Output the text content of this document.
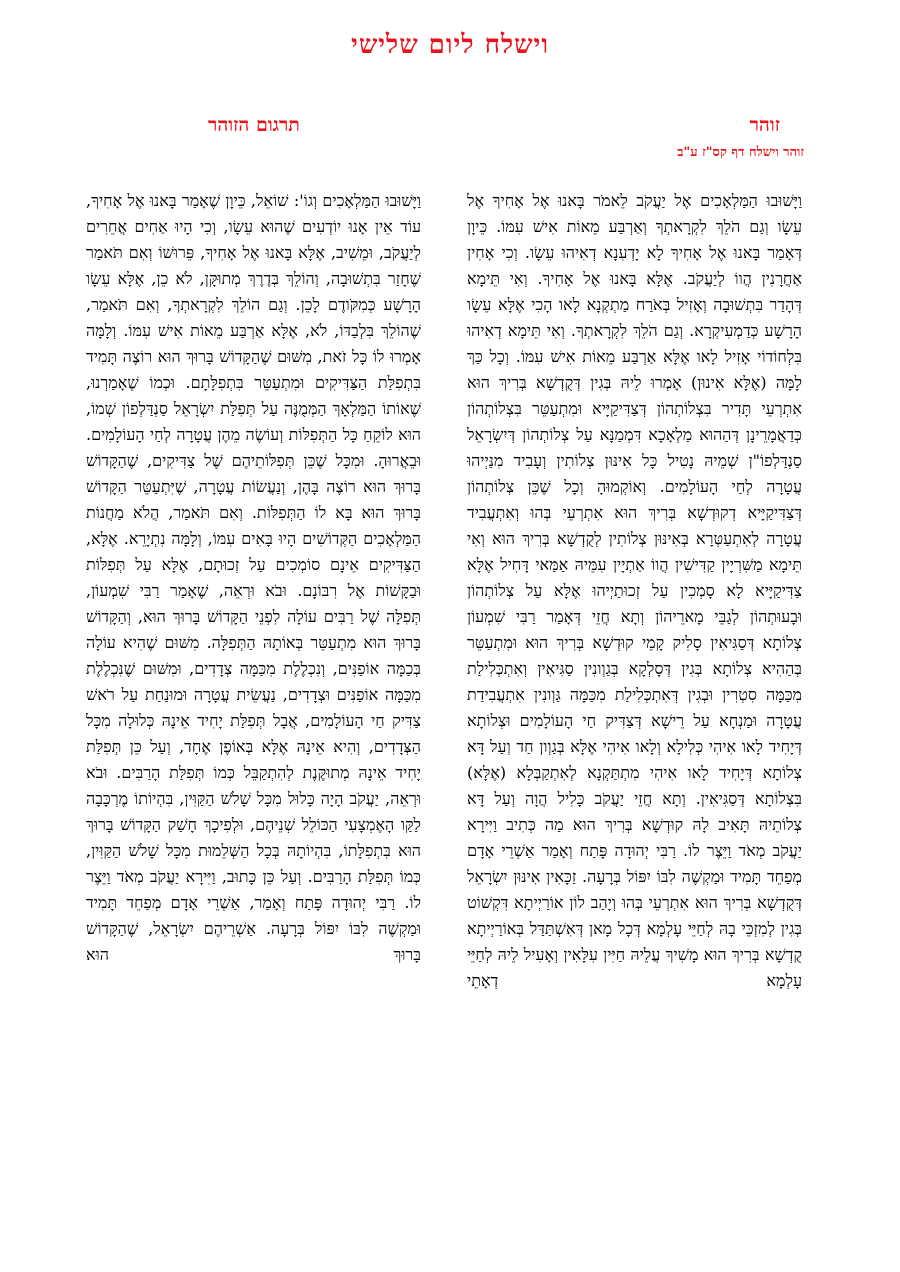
וישלח ליום שלישי
זוהר
תרגום הזוהר
זוהר וישלח דף קס"ז ע"ב

וַיָּשׁוּבוּ הַמַּלְאָכִים אֶל יַעֲקֹב לֵאמֹר בָּאנוּ אֶל אָחִיךָ אֶל עֵשָׂו וְגַם הֹלֵךְ לִקְרָאתְךָ וְאַרְבַּע מֵאוֹת אִישׁ עִמּוֹ. כֵּיוָן דְּאָמַר בָּאנוּ אֶל אָחִיךָ לָא יָדְעִנָא דְאִיהוּ עֵשָׂו. וְכִי אָחִין אַחֲרָנִין הֲווֹ לְיַעֲקֹב. אֶלָּא בָּאנוּ אֶל אָחִיךָ. וְאִי תֵּימָא דְּהָדַר בִּתְשׁוּבָה וְאָזִיל בְּאֹרַח מַתְקְנָא לָאו הָכִי אֶלָּא עֵשָׂו הָרָשָׁע כְּדַמְעִיקְרָא. וְגַם הֹלֵךְ לִקְרָאתְךָ. וְאִי תֵּימָא דְאִיהוּ בִּלְחוֹדוֹי אָזִיל לָאו אֶלָּא אַרְבַּע מֵאוֹת אִישׁ עִמּוֹ. וְכָל כַּךְ לָמָּה (אֶלָּא אִינוּן) אָמְרוּ לֵיהּ בְּגִין דְּקֻדְשָׁא בְּרִיךְ הוּא אִתְרְעֵי תָּדִיר בִּצְלוֹתְהוֹן דְּצַדִּיקַיָּיא וּמִתְעַטֵּר בִּצְלוֹתְהוֹן כְּדַאֲמָרֵינָן דְּהַהוּא מַלְאָכָא דִּמְמַנָּא עַל צְלוֹתְהוֹן דְּיִשְׂרָאֵל סַנְדַּלְפוֹ"ן שְׁמֵיהּ נָטִיל כָּל אִינּוּן צְלוֹתִין וְעָבִיד מִנַּיְיהוּ עֲטָרָה לְחַי הָעוֹלָמִים. וְאוֹקְמוּהָ וְכָל שֶׁכֵּן צְלוֹתְהוֹן דְּצַדִּיקַיָּיא דְקוּדְשָׁא בְּרִיךְ הוּא אִתְרְעֵי בְּהוּ וְאִתְעֲבִיד עֲטָרָה לְאִתְעַטְּרָא בְּאִינּוּן צְלוֹתִין לְקֻדְשָׁא בְּרִיךְ הוּא וְאִי תֵּימָא מַשִּׁרְיָין קַדִּישִׁין הֲווֹ אַתְיָין עִמֵּיהּ אַמַּאי דָּחִיל אֶלָּא צַדִּיקַיָּיא לָא סָמְכִין עַל זְכוּתַיְיהוּ אֶלָּא עַל צְלוֹתְהוֹן וּבָעוּתְהוֹן לְגַבֵּי מָארֵיהוֹן וְתָא חֲזֵי דְּאָמַר רַבִּי שִׁמְעוֹן צְלוֹתָא דְּסַגִּיאִין סָלִיק קָמֵי קוּדְשָׁא בְּרִיךְ הוּא וּמִתְעַטֵּר בְּהַהִיא צְלוֹתָא בְּגִין דְּסָלְקָא בְּגַוְונִין סַגִּיאִין וְאִתְכְּלִילַת מִכַּמָּה סִטְרִין וּבְגִין דְּאִתְכְּלִילַת מִכַּמָּה גַּוְונִין אִתְעֲבִידַת עֲטָרָה וּמַנְחָא עַל רֵישָׁא דְּצַדִּיק חַי הָעוֹלָמִים וּצְלוֹתָא דְּיָחִיד לָאו אִיהִי כְּלִילָא וְלָאו אִיהִי אֶלָּא בְּגַוְון חַד וְעַל דָּא צְלוֹתָא דְּיָחִיד לָאו אִיהִי מִתְתַּקְנָא לְאִתְקַבְּלָא (אֶלָּא) בִּצְלוֹתָא דְּסַגִּיאִין. וְתָא חֲזֵי יַעֲקֹב כָּלִיל הֲוָה וְעַל דָּא צְלוֹתֵיהּ תָּאִיב לָהּ קוּדְשָׁא בְּרִיךְ הוּא מַה כְּתִיב וַיִּירָא יַעֲקֹב מְאֹד וַיֵּצֶר לוֹ. רַבִּי יְהוּדָה פָּתַח וְאָמַר אַשְׁרֵי אָדָם מְפַחֵד תָּמִיד וּמַקְשֶׁה לִבּוֹ יִפּוֹל בְּרָעָה. זַכָּאִין אִינּוּן יִשְׂרָאֵל דְּקֻדְשָׁא בְּרִיךְ הוּא אִתְרְעֵי בְּהוּ וְיָהַב לוֹן אוֹרַיְיתָא דִּקְשׁוֹט בְּגִין לְמִזְכֵּי בָהּ לְחַיֵּי עָלְמָא דְּכָל מָאן דְּאִשְׁתַּדַּל בְּאוֹרַיְיתָא קֻדְשָׁא בְּרִיךְ הוּא מָשִׁיךְ עֲלֵיהּ חַיִּין עִלָּאִין וְאָעִיל לֵיהּ לְחַיֵּי עָלְמָא דְאָתֵי

וַיָּשׁוּבוּ הַמַּלְאָכִים וְגוֹ': שׁוֹאֵל, כֵּיוָן שֶׁאָמַר בָּאנוּ אֶל אָחִיךָ, עוֹד אֵין אָנוּ יוֹדְעִים שֶׁהוּא עֵשָׂו, וְכִי הָיוּ אַחִים אֲחֵרִים לְיַעֲקֹב, וּמֵשִׁיב, אֶלָּא בָּאנוּ אֶל אָחִיךָ, פֵּרוּשׁוֹ וְאִם תֹּאמַר שֶׁחָזַר בִּתְשׁוּבָה, וְהוֹלֵךְ בְּדֶרֶךְ מְתוּקָּן, לֹא כֵן, אֶלָּא עֵשָׂו הָרָשָׁע כְּמִקֹּודֶם לָכֵן. וְגַם הוֹלֵךְ לִקְרָאתְךָ, וְאִם תֹּאמַר, שֶׁהוֹלֵךְ בִּלְבַדּוֹ, לֹא, אֶלָּא אַרְבַּע מֵאוֹת אִישׁ עִמּוֹ. וְלָמָּה אָמְרוּ לוֹ כָּל זֹאת, מִשּׁוּם שֶׁהַקָּדוֹשׁ בָּרוּךְ הוּא רוֹצֶה תָּמִיד בִּתְפִלַּת הַצַּדִּיקִים וּמִתְעַטֵּר בִּתְפִלָּתָם. וּכְמוֹ שֶׁאָמַרְנוּ, שֶׁאוֹתוֹ הַמַּלְאָךְ הַמְּמֻנֶּה עַל תְּפִלַּת יִשְׂרָאֵל סַנְדַּלְפוֹן שְׁמוֹ, הוּא לוֹקֵחַ כָּל הַתְּפִלּוֹת וְעוֹשֶׂה מֵהֶן עֲטָרָה לְחַי הָעוֹלָמִים. וּבֵאֲרוּהָ. וּמִכָּל שֶׁכֵּן תְּפִלּוֹתֵיהֶם שֶׁל צַדִּיקִים, שֶׁהַקָּדוֹשׁ בָּרוּךְ הוּא רוֹצֶה בָּהֶן, וְנַעֲשׂוֹת עֲטָרָה, שֶׁיִּתְעַטֵּר הַקָּדוֹשׁ בָּרוּךְ הוּא בָּא לוֹ הַתְּפִלּוֹת. וְאִם תֹּאמַר, הֲלֹא מַחֲנוֹת הַמַּלְאָכִים הַקְּדוֹשִׁים הָיוּ בָּאִים עִמּוֹ, וְלָמָּה נִתְיָרֵא. אֶלָּא, הַצַּדִּיקִים אֵינָם סוֹמְכִים עַל זְכוּתָם, אֶלָּא עַל תְּפִלּוֹת וּבַקָּשׁוֹת אֶל רִבּוֹנָם. וּבֹא וּרְאֵה, שֶׁאָמַר רַבִּי שִׁמְעוֹן, תְּפִלָּה שֶׁל רַבִּים עוֹלָה לִפְנֵי הַקָּדוֹשׁ בָּרוּךְ הוּא, וְהַקָּדוֹשׁ בָּרוּךְ הוּא מִתְעַטֵּר בְּאוֹתָהּ הַתְּפִלָּה. מִשּׁוּם שֶׁהִיא עוֹלָה בְּכַמָּה אוֹפַנִּים, וְנִכְלֶלֶת מִכַּמָּה צְדָדִים, וּמִשּׁוּם שֶׁנִּכְלֶלֶת מִכַּמָּה אוֹפַנִּים וּצְדָדִים, נַעֲשֵׂית עֲטָרָה וּמוּנַחַת עַל רֹאשׁ צַדִּיק חַי הָעוֹלָמִים, אֲבָל תְּפִלַּת יָחִיד אֵינָהּ כְּלוּלָה מִכָּל הַצְּדָדִים, וְהִיא אֵינָהּ אֶלָּא בְּאוֹפֶן אֶחָד, וְעַל כֵּן תְּפִלַּת יָחִיד אֵינָהּ מְתוּקֶּנֶת לְהִתְקַבֵּל כְּמוֹ תְּפִלַּת הָרַבִּים. וּבֹא וּרְאֵה, יַעֲקֹב הָיָה כָּלוּל מִכָּל שָׁלֹשׁ הַקַּוִּין, בִּהְיוֹתוֹ מֶרְכָּבָה לַקַּו הָאֶמְצָעִי הַכּוֹלֵל שְׁנֵיהֶם, וּלְפִיכָךְ חָשַׁק הַקָּדוֹשׁ בָּרוּךְ הוּא בִּתְפִלָּתוֹ, בִּהְיוֹתָהּ בְּכָל הַשְּׁלֵמוּת מִכָּל שָׁלֹשׁ הַקַּוִּין, כְּמוֹ תְּפִלַּת הָרַבִּים. וְעַל כֵּן כָּתוּב, וַיִּירָא יַעֲקֹב מְאֹד וַיֵּצֶר לוֹ. רַבִּי יְהוּדָה פָּתַח וְאָמַר, אַשְׁרֵי אָדָם מְפַחֵד תָּמִיד וּמַקְשֶׁה לִבּוֹ יִפּוֹל בְּרָעָה. אַשְׁרֵיהֶם יִשְׂרָאֵל, שֶׁהַקָּדוֹשׁ בָּרוּךְ הוּא
